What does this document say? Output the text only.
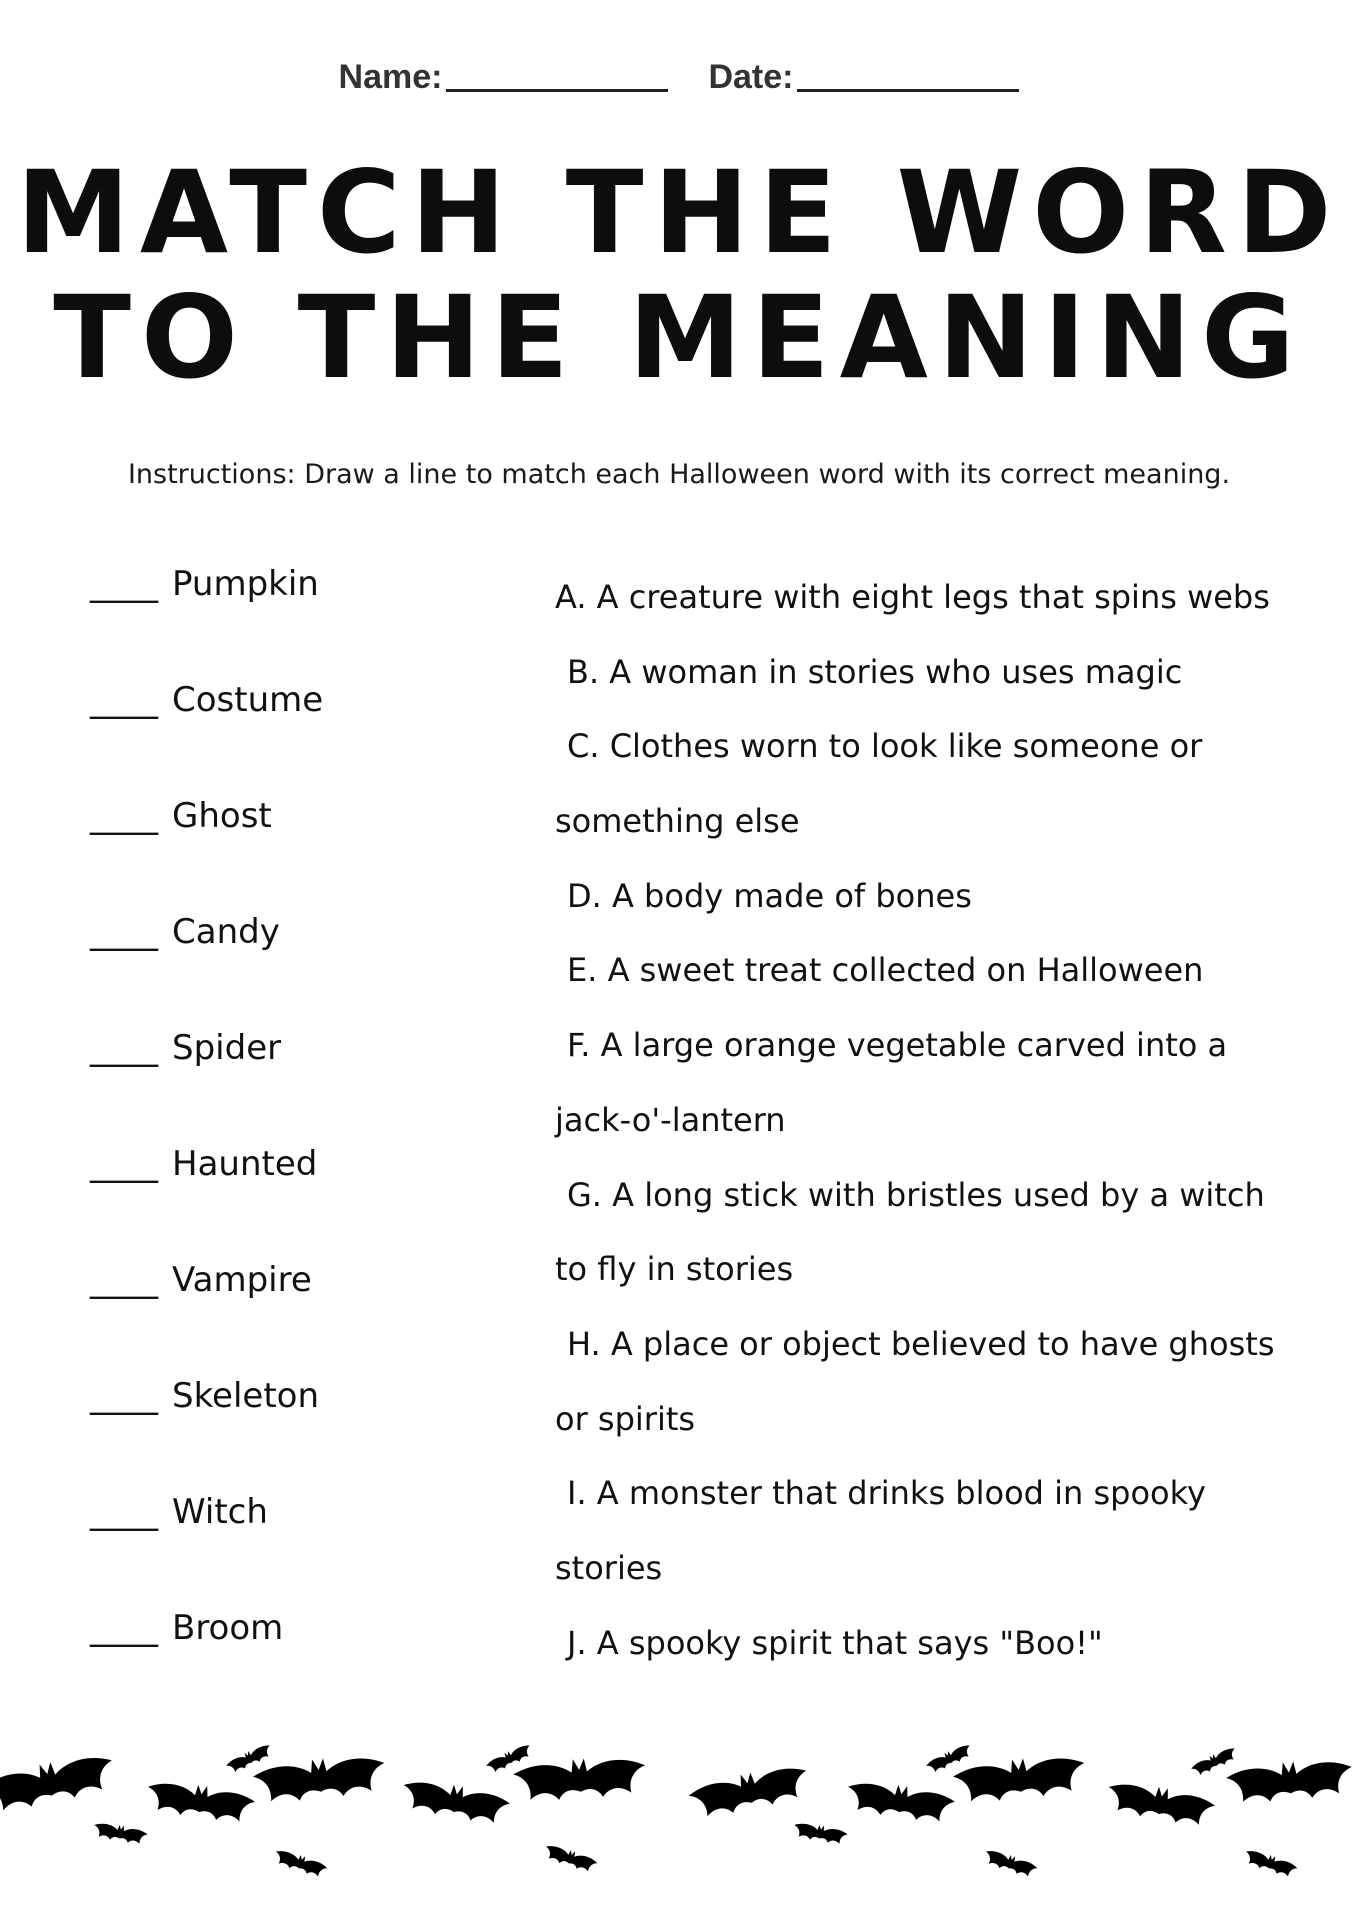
Name:	Date:
MATCH THE WORD
TO THE MEANING
Instructions: Draw a line to match each Halloween word with its correct meaning.
____ Pumpkin
____ Costume
____ Ghost
____ Candy
____ Spider
____ Haunted
____ Vampire
____ Skeleton
____ Witch
____ Broom
A. A creature with eight legs that spins webs
B. A woman in stories who uses magic
C. Clothes worn to look like someone or
something else
D. A body made of bones
E. A sweet treat collected on Halloween
F. A large orange vegetable carved into a
jack-o'-lantern
G. A long stick with bristles used by a witch
to fly in stories
H. A place or object believed to have ghosts
or spirits
I. A monster that drinks blood in spooky
stories
J. A spooky spirit that says "Boo!"
